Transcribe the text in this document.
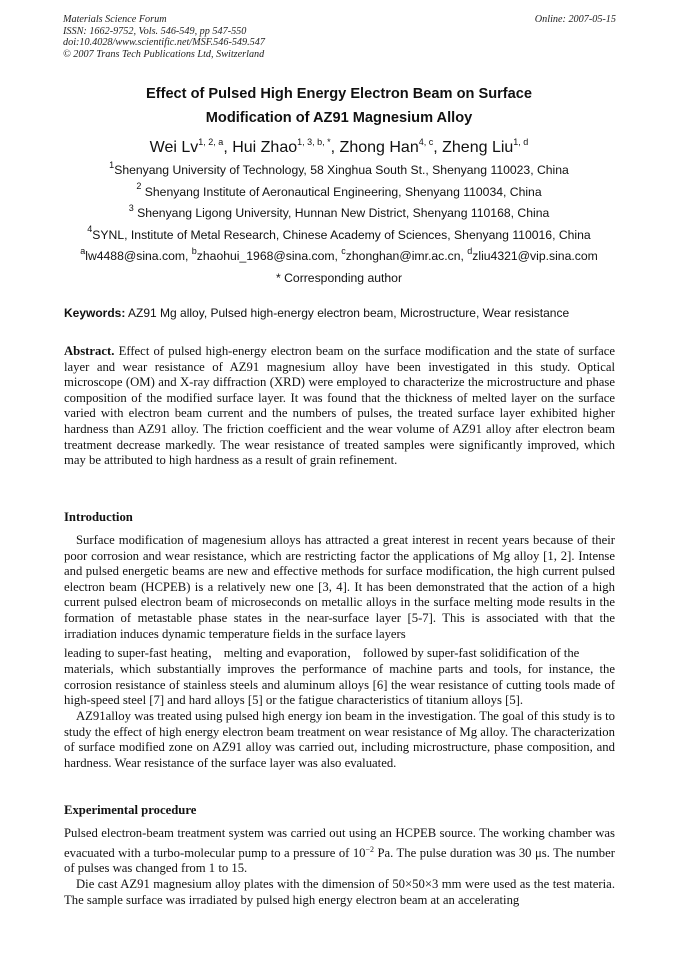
Materials Science Forum
ISSN: 1662-9752, Vols. 546-549, pp 547-550
doi:10.4028/www.scientific.net/MSF.546-549.547
© 2007 Trans Tech Publications Ltd, Switzerland
Online: 2007-05-15
Effect of Pulsed High Energy Electron Beam on Surface
Modification of AZ91 Magnesium Alloy
Wei Lv$^{1, 2, a}$, Hui Zhao$^{1, 3, b, *}$, Zhong Han$^{4, c}$, Zheng Liu$^{1, d}$
$^1$Shenyang University of Technology, 58 Xinghua South St., Shenyang 110023, China
$^2$ Shenyang Institute of Aeronautical Engineering, Shenyang 110034, China
$^3$ Shenyang Ligong University, Hunnan New District, Shenyang 110168, China
$^4$SYNL, Institute of Metal Research, Chinese Academy of Sciences, Shenyang 110016, China
$^a$lw4488@sina.com, $^b$zhaohui_1968@sina.com, $^c$zhonghan@imr.ac.cn, $^d$zliu4321@vip.sina.com
* Corresponding author
Keywords: AZ91 Mg alloy, Pulsed high-energy electron beam, Microstructure, Wear resistance
Abstract. Effect of pulsed high-energy electron beam on the surface modification and the state of surface layer and wear resistance of AZ91 magnesium alloy have been investigated in this study. Optical microscope (OM) and X-ray diffraction (XRD) were employed to characterize the microstructure and phase composition of the modified surface layer. It was found that the thickness of melted layer on the surface varied with electron beam current and the numbers of pulses, the treated surface layer exhibited higher hardness than AZ91 alloy. The friction coefficient and the wear volume of AZ91 alloy after electron beam treatment decrease markedly. The wear resistance of treated samples were significantly improved, which may be attributed to high hardness as a result of grain refinement.
Introduction
Surface modification of magenesium alloys has attracted a great interest in recent years because of their poor corrosion and wear resistance, which are restricting factor the applications of Mg alloy [1, 2]. Intense and pulsed energetic beams are new and effective methods for surface modification, the high current pulsed electron beam (HCPEB) is a relatively new one [3, 4]. It has been demonstrated that the action of a high current pulsed electron beam of microseconds on metallic alloys in the surface melting mode results in the formation of metastable phase states in the near-surface layer [5-7]. This is associated with that the irradiation induces dynamic temperature fields in the surface layers
leading to super-fast heating， melting and evaporation， followed by super-fast solidification of the
materials, which substantially improves the performance of machine parts and tools, for instance, the corrosion resistance of stainless steels and aluminum alloys [6] the wear resistance of cutting tools made of high-speed steel [7] and hard alloys [5] or the fatigue characteristics of titanium alloys [5].
AZ91alloy was treated using pulsed high energy ion beam in the investigation. The goal of this study is to study the effect of high energy electron beam treatment on wear resistance of Mg alloy. The characterization of surface modified zone on AZ91 alloy was carried out, including microstructure, phase composition, and hardness. Wear resistance of the surface layer was also evaluated.
Experimental procedure
Pulsed electron-beam treatment system was carried out using an HCPEB source. The working chamber was evacuated with a turbo-molecular pump to a pressure of $10^{-2}$ Pa. The pulse duration was 30 μs. The number of pulses was changed from 1 to 15.
Die cast AZ91 magnesium alloy plates with the dimension of 50×50×3 mm were used as the test materia. The sample surface was irradiated by pulsed high energy electron beam at an accelerating
